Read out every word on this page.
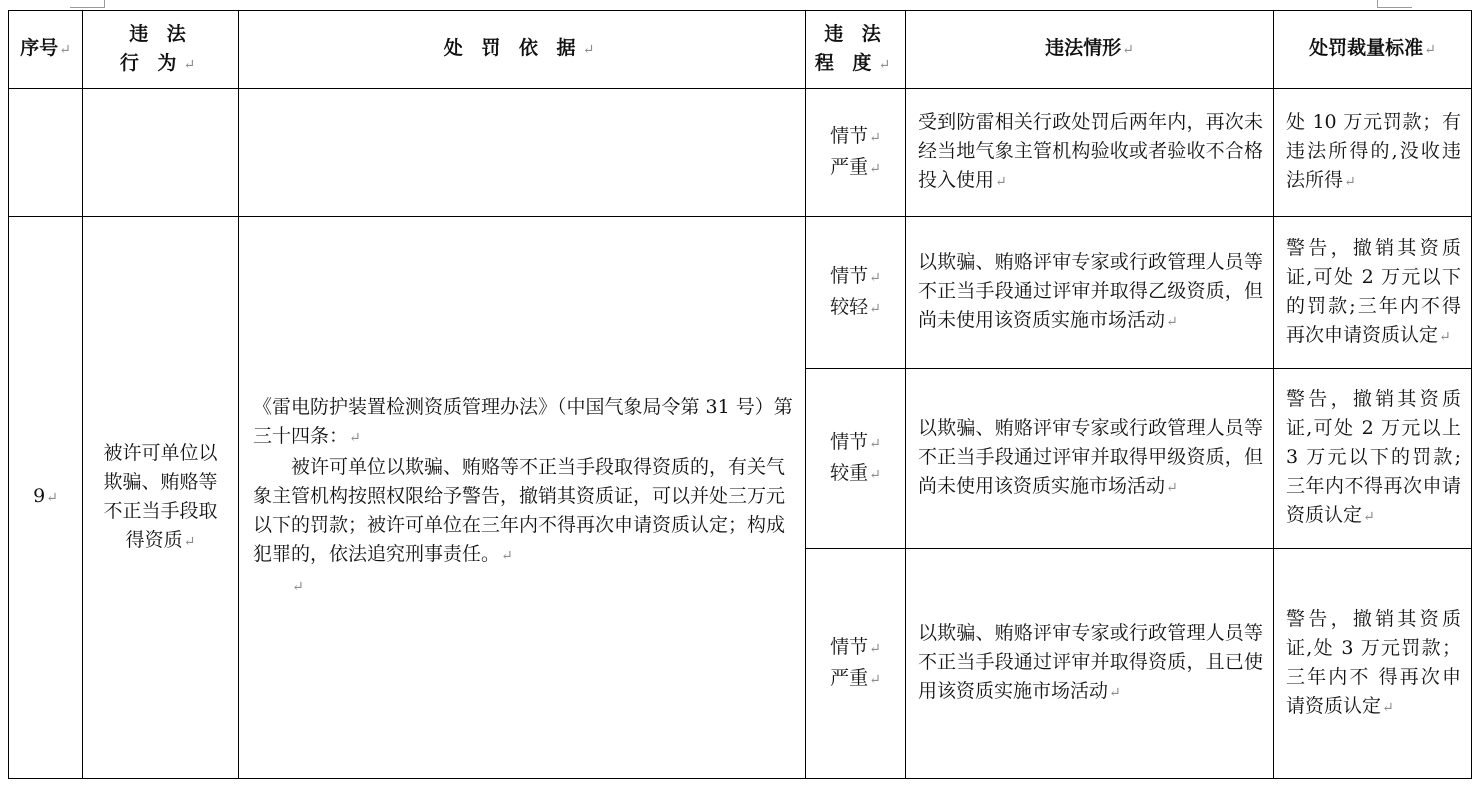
序号↵	违 法
行 为↵	处 罚 依 据↵	违 法
程 度↵	违法情形↵	处罚裁量标准↵

			情节↵
严重↵	受到防雷相关行政处罚后两年内，再次未经当地气象主管机构验收或者验收不合格投入使用↵	处 10 万元罚款；有违法所得的,没收违法所得↵
9↵	被许可单位以欺骗、贿赂等不正当手段取得资质↵	《雷电防护装置检测资质管理办法》（中国气象局令第 31 号）第三十四条：↵
被许可单位以欺骗、贿赂等不正当手段取得资质的，有关气象主管机构按照权限给予警告，撤销其资质证，可以并处三万元以下的罚款；被许可单位在三年内不得再次申请资质认定；构成犯罪的，依法追究刑事责任。↵
↵	情节↵
较轻↵	以欺骗、贿赂评审专家或行政管理人员等不正当手段通过评审并取得乙级资质，但尚未使用该资质实施市场活动↵	警告，撤销其资质证,可处 2 万元以下的罚款;三年内不得再次申请资质认定↵

			情节↵
较重↵	以欺骗、贿赂评审专家或行政管理人员等不正当手段通过评审并取得甲级资质，但尚未使用该资质实施市场活动↵	警告，撤销其资质证,可处 2 万元以上 3 万元以下的罚款;三年内不得再次申请资质认定↵

			情节↵
严重↵	以欺骗、贿赂评审专家或行政管理人员等不正当手段通过评审并取得资质，且已使用该资质实施市场活动↵	警告，撤销其资质证,处 3 万元罚款；三年内不 得再次申请资质认定↵
